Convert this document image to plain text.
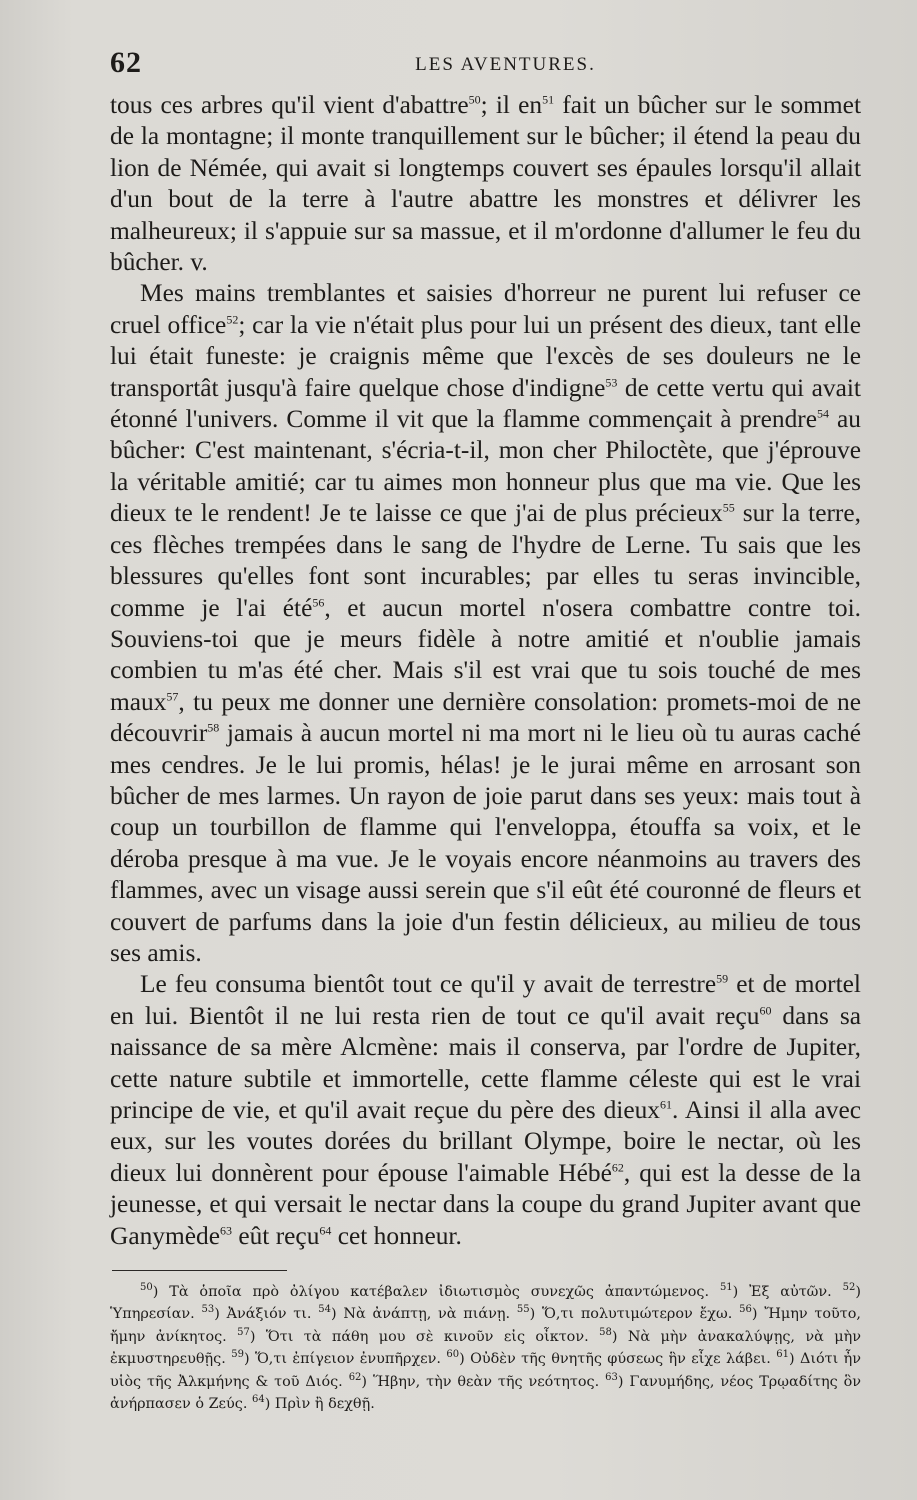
62	LES AVENTURES.

tous ces arbres qu'il vient d'abattre$^{50}$; il $en^{51}$ fait un bûcher sur le sommet de la montagne; il monte tranquillement sur le bûcher; il étend la peau du lion de Némée, qui avait si longtemps couvert ses épaules lorsqu'il allait d'un bout de la terre à l'autre abattre les monstres et délivrer les malheureux; il s'appuie sur sa massue, et il m'ordonne d'allumer le feu du bûcher. v.

Mes mains tremblantes et saisies d'horreur ne purent lui refuser ce cruel office$^{52}$; car la vie n'était plus pour lui un présent des dieux, tant elle lui était funeste: je craignis même que l'excès de ses douleurs ne le transportât jusqu'à faire quelque chose d'indigne$^{53}$ de cette vertu qui avait étonné l'univers. Comme il vit que la flamme commençait à prendre$^{54}$ au bûcher: C'est maintenant, s'écria-t-il, mon cher Philoctète, que j'éprouve la véritable amitié; car tu aimes mon honneur plus que ma vie. Que les dieux te le rendent! Je te laisse ce que j'ai de plus précieux$^{55}$ sur la terre, ces flèches trempées dans le sang de l'hydre de Lerne. Tu sais que les blessures qu'elles font sont incurables; par elles tu seras invincible, comme je l'ai été$^{56}$, et aucun mortel n'osera combattre contre toi. Souviens-toi que je meurs fidèle à notre amitié et n'oublie jamais combien tu m'as été cher. Mais s'il est vrai que tu sois touché de mes maux$^{57}$, tu peux me donner une dernière consolation: promets-moi de ne découvrir$^{58}$ jamais à aucun mortel ni ma mort ni le lieu où tu auras caché mes cendres. Je le lui promis, hélas! je le jurai même en arrosant son bûcher de mes larmes. Un rayon de joie parut dans ses yeux: mais tout à coup un tourbillon de flamme qui l'enveloppa, étouffa sa voix, et le déroba presque à ma vue. Je le voyais encore néanmoins au travers des flammes, avec un visage aussi serein que s'il eût été couronné de fleurs et couvert de parfums dans la joie d'un festin délicieux, au milieu de tous ses amis.

Le feu consuma bientôt tout ce qu'il y avait de terrestre$^{59}$ et de mortel en lui. Bientôt il ne lui resta rien de tout ce qu'il avait reçu$^{60}$ dans sa naissance de sa mère Alcmène: mais il conserva, par l'ordre de Jupiter, cette nature subtile et immortelle, cette flamme céleste qui est le vrai principe de vie, et qu'il avait reçue du père des dieux$^{61}$. Ainsi il alla avec eux, sur les voutes dorées du brillant Olympe, boire le nectar, où les dieux lui donnèrent pour épouse l'aimable Hébé$^{62}$, qui est la desse de la jeunesse, et qui versait le nectar dans la coupe du grand Jupiter avant que Ganymède$^{63}$ eût reçu$^{64}$ cet honneur.

$^{50}$) Τὰ ὁποῖα πρὸ ὀλίγου κατέβαλεν ἰδιωτισμὸς συνεχῶς ἀπαντώμενος. $^{51}$) Ἐξ αὐτῶν. $^{52}$) Ὑπηρεσίαν. $^{53}$) Ἀνάξιόν τι. $^{54}$) Νὰ ἀνάπτῃ, νὰ πιάνῃ. $^{55}$) Ὅ,τι πολυτιμώτερον ἔχω. $^{56}$) Ἤμην τοῦτο, ἤμην ἀνίκητος. $^{57}$) Ὅτι τὰ πάθη μου σὲ κινοῦν εἰς οἶκτον. $^{58}$) Νὰ μὴν ἀνακαλύψῃς, νὰ μὴν ἐκμυστηρευθῇς. $^{59}$) Ὅ,τι ἐπίγειον ἐνυπῆρχεν. $^{60}$) Οὐδὲν τῆς θνητῆς φύσεως ἣν εἶχε λάβει. $^{61}$) Διότι ἦν υἱὸς τῆς Ἀλκμήνης & τοῦ Διός. $^{62}$) Ἥβην, τὴν θεὰν τῆς νεότητος. $^{63}$) Γανυμήδης, νέος Τρῳαδίτης ὃν ἀνήρπασεν ὁ Ζεύς. $^{64}$) Πρὶν ἢ δεχθῇ.
